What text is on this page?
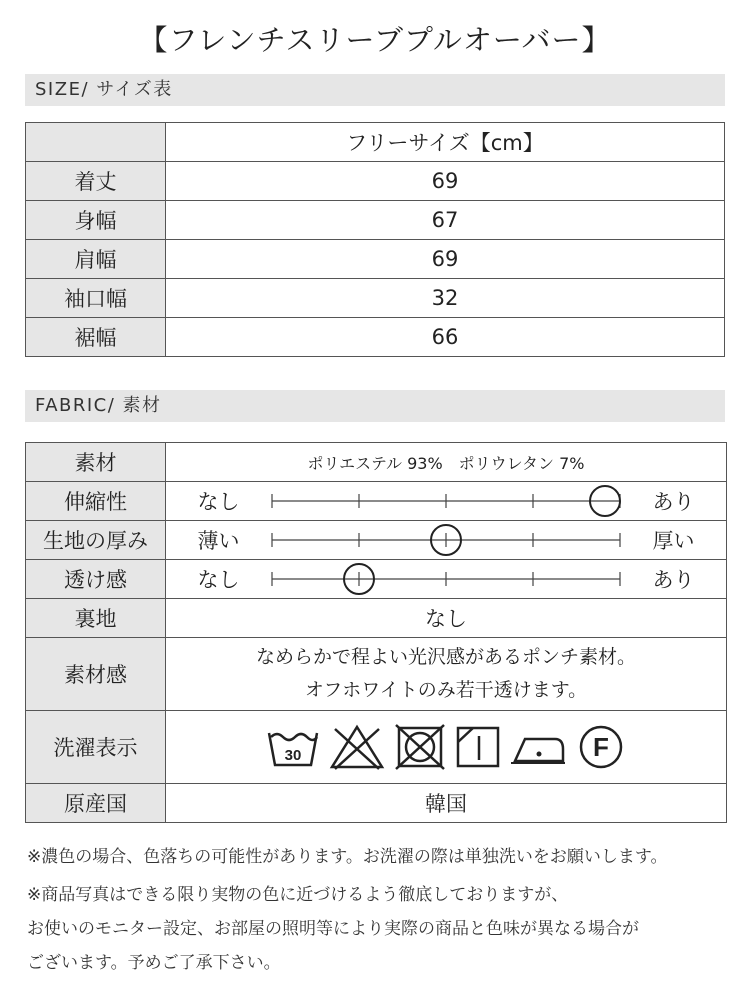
【フレンチスリーブプルオーバー】
SIZE/ サイズ表
	フリーサイズ【cm】
着丈	69
身幅	67
肩幅	69
袖口幅	32
裾幅	66
FABRIC/ 素材
素材	ポリエステル 93%　ポリウレタン 7%
伸縮性	なし あり

生地の厚み	薄い 厚い

透け感	なし あり

裏地	なし
素材感	なめらかで程よい光沢感があるポンチ素材。
オフホワイトのみ若干透けます。

洗濯表示	30 F

原産国	韓国

※濃色の場合、色落ちの可能性があります。お洗濯の際は単独洗いをお願いします。

※商品写真はできる限り実物の色に近づけるよう徹底しておりますが、

お使いのモニター設定、お部屋の照明等により実際の商品と色味が異なる場合が

ございます。予めご了承下さい。
